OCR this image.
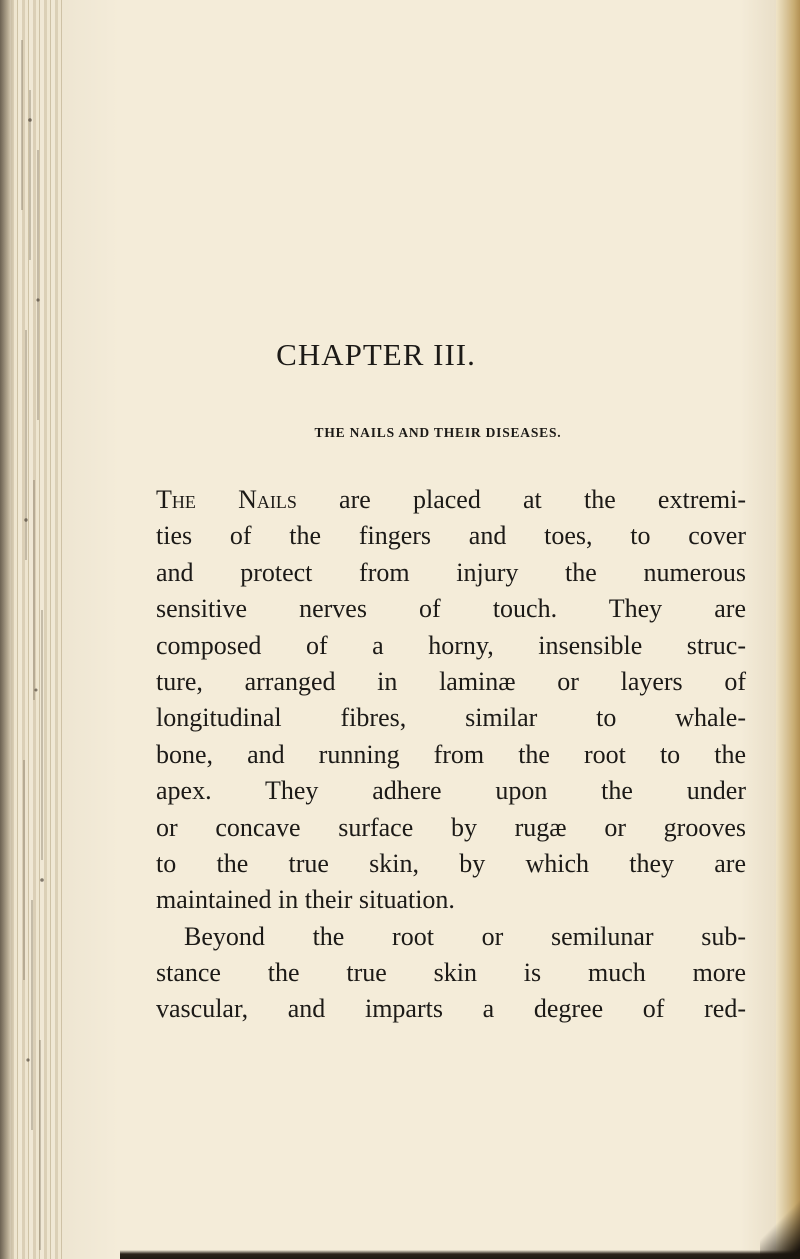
CHAPTER III.
THE NAILS AND THEIR DISEASES.
The Nails are placed at the extremi-
ties of the fingers and toes, to cover
and protect from injury the numerous
sensitive nerves of touch. They are
composed of a horny, insensible struc-
ture, arranged in laminæ or layers of
longitudinal fibres, similar to whale-
bone, and running from the root to the
apex. They adhere upon the under
or concave surface by rugæ or grooves
to the true skin, by which they are
maintained in their situation.
Beyond the root or semilunar sub-
stance the true skin is much more
vascular, and imparts a degree of red-
